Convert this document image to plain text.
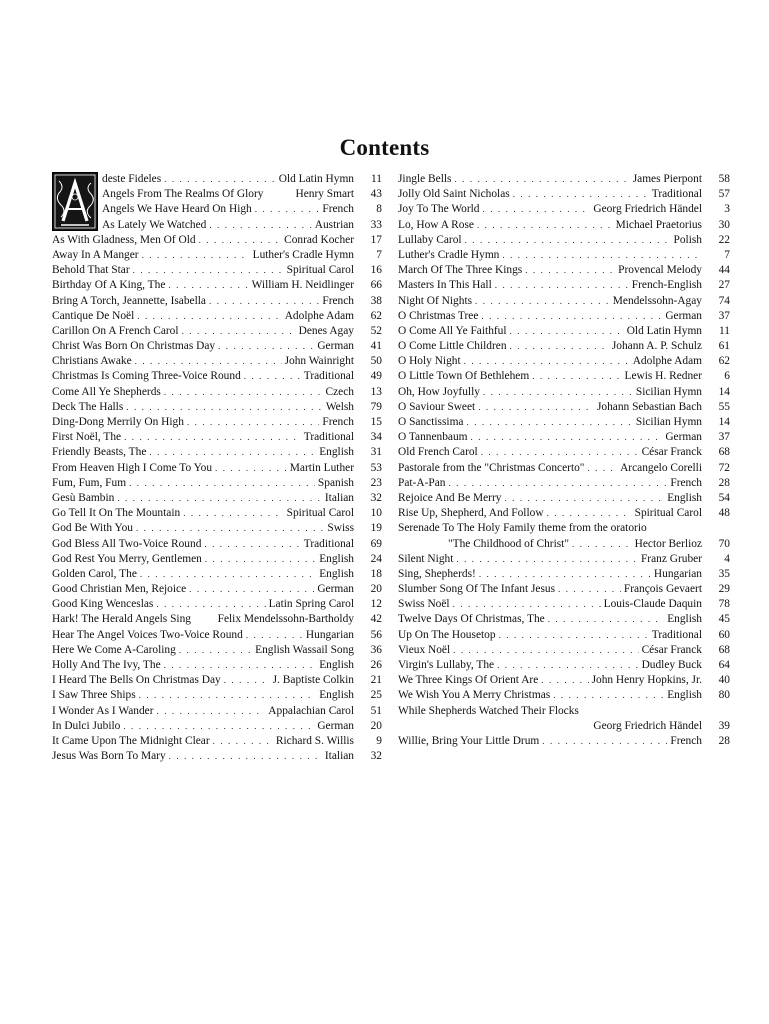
Contents
deste Fideles . . .	Old Latin Hymn	11
Angels From The Realms Of Glory	Henry Smart	43
Angels We Have Heard On High . . .	French	8
As Lately We Watched . . .	Austrian	33
As With Gladness, Men Of Old . . .	Conrad Kocher	17
Away In A Manger . . .	Luther's Cradle Hymn	7
Behold That Star . . .	Spiritual Carol	16
Birthday Of A King, The . . .	William H. Neidlinger	66
Bring A Torch, Jeannette, Isabella . . .	French	38
Cantique De Noël . . .	Adolphe Adam	62
Carillon On A French Carol . . .	Denes Agay	52
Christ Was Born On Christmas Day . . .	German	41
Christians Awake . . .	John Wainright	50
Christmas Is Coming Three-Voice Round . . .	Traditional	49
Come All Ye Shepherds . . .	Czech	13
Deck The Halls . . .	Welsh	79
Ding-Dong Merrily On High . . .	French	15
First Noël, The . . .	Traditional	34
Friendly Beasts, The . . .	English	31
From Heaven High I Come To You . . .	Martin Luther	53
Fum, Fum, Fum . . .	Spanish	23
Gesù Bambin . . .	Italian	32
Go Tell It On The Mountain . . .	Spiritual Carol	10
God Be With You . . .	Swiss	19
God Bless All Two-Voice Round . . .	Traditional	69
God Rest You Merry, Gentlemen . . .	English	24
Golden Carol, The . . .	English	18
Good Christian Men, Rejoice . . .	German	20
Good King Wenceslas . . .	Latin Spring Carol	12
Hark! The Herald Angels Sing Felix Mendelssohn-Bartholdy	42
Hear The Angel Voices Two-Voice Round . . .	Hungarian	56
Here We Come A-Caroling . . .	English Wassail Song	36
Holly And The Ivy, The . . .	English	26
I Heard The Bells On Christmas Day . . .	J. Baptiste Colkin	21
I Saw Three Ships . . .	English	25
I Wonder As I Wander . . .	Appalachian Carol	51
In Dulci Jubilo . . .	German	20
It Came Upon The Midnight Clear . . .	Richard S. Willis	9
Jesus Was Born To Mary . . .	Italian	32
Jingle Bells . . .	James Pierpont	58
Jolly Old Saint Nicholas . . .	Traditional	57
Joy To The World . . .	Georg Friedrich Händel	3
Lo, How A Rose . . .	Michael Praetorius	30
Lullaby Carol . . .	Polish	22
Luther's Cradle Hymn . . .	7
March Of The Three Kings . . .	Provencal Melody	44
Masters In This Hall . . .	French-English	27
Night Of Nights . . .	Mendelssohn-Agay	74
O Christmas Tree . . .	German	37
O Come All Ye Faithful . . .	Old Latin Hymn	11
O Come Little Children . . .	Johann A. P. Schulz	61
O Holy Night . . .	Adolphe Adam	62
O Little Town Of Bethlehem . . .	Lewis H. Redner	6
Oh, How Joyfully . . .	Sicilian Hymn	14
O Saviour Sweet . . .	Johann Sebastian Bach	55
O Sanctissima . . .	Sicilian Hymn	14
O Tannenbaum . . .	German	37
Old French Carol . . .	César Franck	68
Pastorale from the "Christmas Concerto" . . .	Arcangelo Corelli	72
Pat-A-Pan . . .	French	28
Rejoice And Be Merry . . .	English	54
Rise Up, Shepherd, And Follow . . .	Spiritual Carol	48
Serenade To The Holy Family theme from the oratorio
"The Childhood of Christ" . . .	Hector Berlioz	70
Silent Night . . .	Franz Gruber	4
Sing, Shepherds! . . .	Hungarian	35
Slumber Song Of The Infant Jesus . . .	François Gevaert	29
Swiss Noël . . .	Louis-Claude Daquin	78
Twelve Days Of Christmas, The . . .	English	45
Up On The Housetop . . .	Traditional	60
Vieux Noël . . .	César Franck	68
Virgin's Lullaby, The . . .	Dudley Buck	64
We Three Kings Of Orient Are . . .	John Henry Hopkins, Jr.	40
We Wish You A Merry Christmas . . .	English	80
While Shepherds Watched Their Flocks
Georg Friedrich Händel	39
Willie, Bring Your Little Drum . . .	French	28
